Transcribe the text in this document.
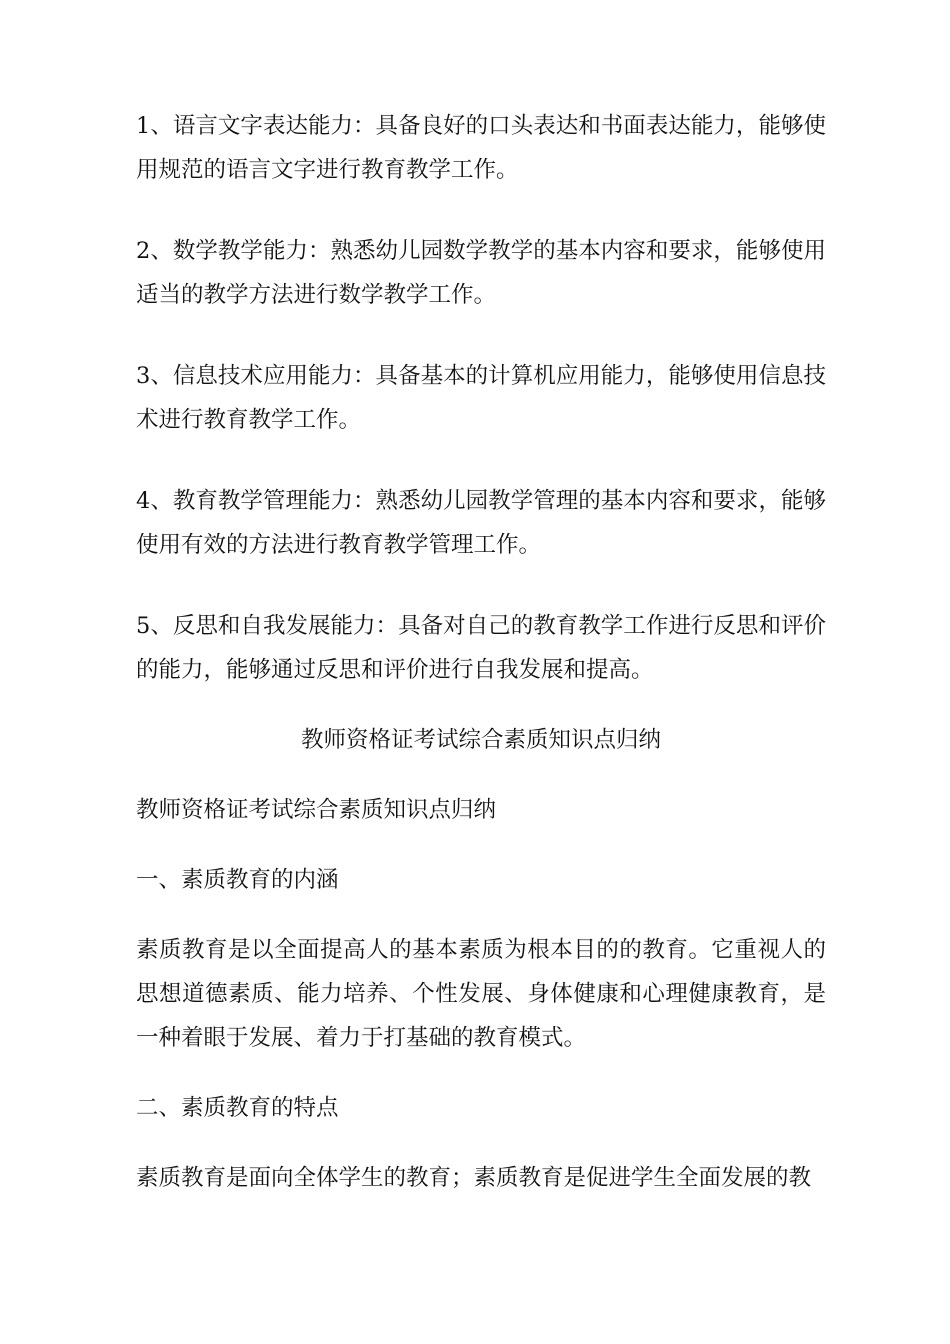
1、语言文字表达能力：具备良好的口头表达和书面表达能力，能够使用规范的语言文字进行教育教学工作。

2、数学教学能力：熟悉幼儿园数学教学的基本内容和要求，能够使用适当的教学方法进行数学教学工作。

3、信息技术应用能力：具备基本的计算机应用能力，能够使用信息技术进行教育教学工作。

4、教育教学管理能力：熟悉幼儿园教学管理的基本内容和要求，能够使用有效的方法进行教育教学管理工作。

5、反思和自我发展能力：具备对自己的教育教学工作进行反思和评价的能力，能够通过反思和评价进行自我发展和提高。

教师资格证考试综合素质知识点归纳

教师资格证考试综合素质知识点归纳

一、素质教育的内涵

素质教育是以全面提高人的基本素质为根本目的的教育。它重视人的思想道德素质、能力培养、个性发展、身体健康和心理健康教育，是一种着眼于发展、着力于打基础的教育模式。

二、素质教育的特点

素质教育是面向全体学生的教育；素质教育是促进学生全面发展的教
